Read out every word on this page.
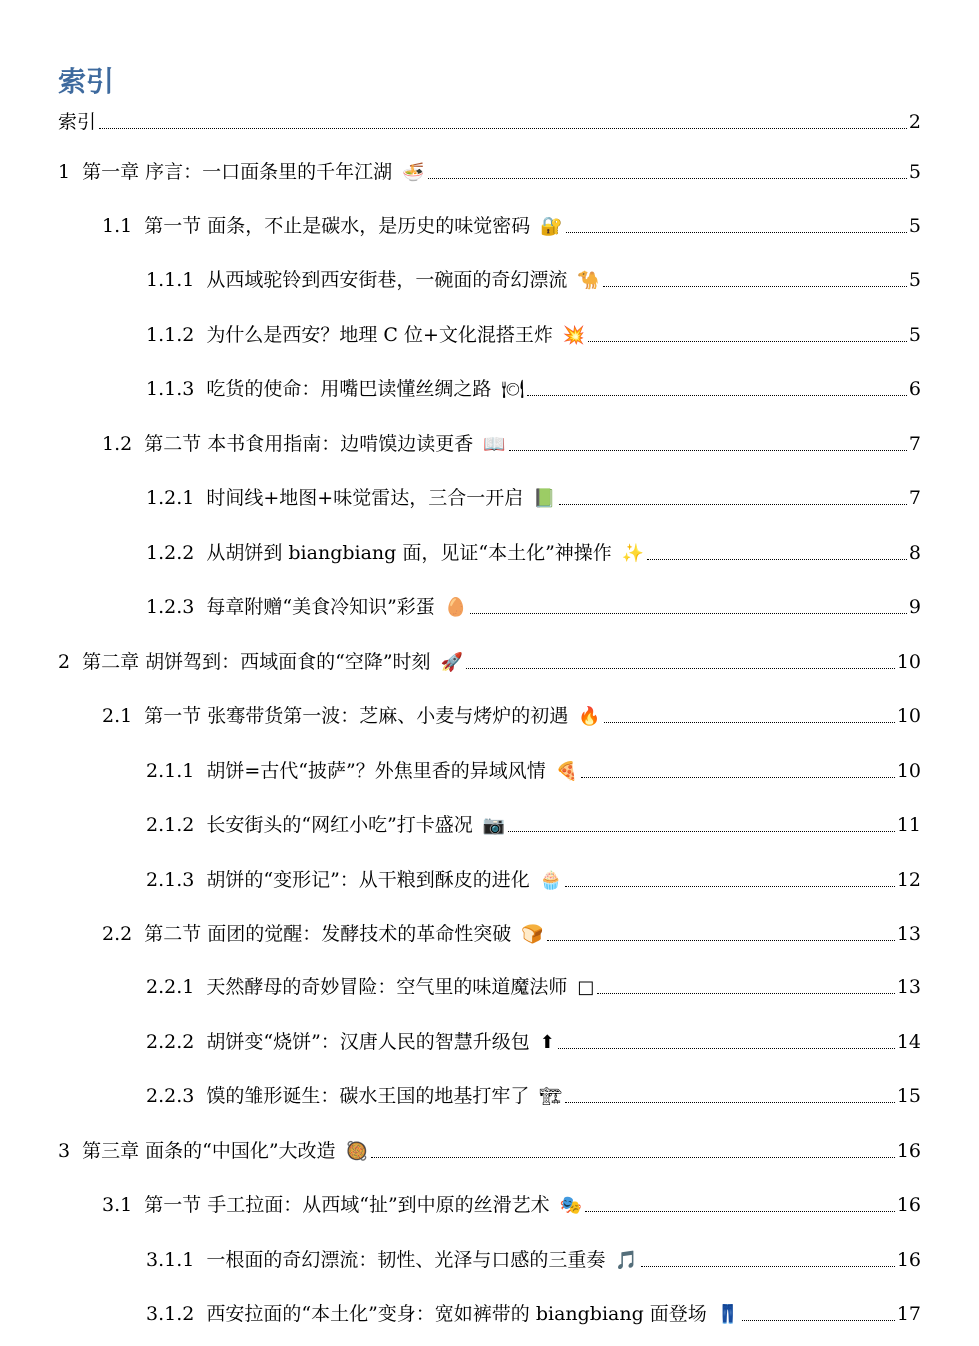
索引
索引	2
1 第一章 序言：一口面条里的千年江湖 🍜	5
1.1 第一节 面条，不止是碳水，是历史的味觉密码 🔐	5
1.1.1 从西域驼铃到西安街巷，一碗面的奇幻漂流 🐪	5
1.1.2 为什么是西安？地理 C 位+文化混搭王炸 💥	5
1.1.3 吃货的使命：用嘴巴读懂丝绸之路 🍽	6
1.2 第二节 本书食用指南：边啃馍边读更香 📖	7
1.2.1 时间线+地图+味觉雷达，三合一开启 📗	7
1.2.2 从胡饼到 biangbiang 面，见证“本土化”神操作 ✨	8
1.2.3 每章附赠“美食冷知识”彩蛋 🥚	9
2 第二章 胡饼驾到：西域面食的“空降”时刻 🚀	10
2.1 第一节 张骞带货第一波：芝麻、小麦与烤炉的初遇 🔥	10
2.1.1 胡饼=古代“披萨”？外焦里香的异域风情 🍕	10
2.1.2 长安街头的“网红小吃”打卡盛况 📷	11
2.1.3 胡饼的“变形记”：从干粮到酥皮的进化 🧁	12
2.2 第二节 面团的觉醒：发酵技术的革命性突破 🍞	13
2.2.1 天然酵母的奇妙冒险：空气里的味道魔法师 □	13
2.2.2 胡饼变“烧饼”：汉唐人民的智慧升级包 ⬆	14
2.2.3 馍的雏形诞生：碳水王国的地基打牢了 🏗	15
3 第三章 面条的“中国化”大改造 🥘	16
3.1 第一节 手工拉面：从西域“扯”到中原的丝滑艺术 🎭	16
3.1.1 一根面的奇幻漂流：韧性、光泽与口感的三重奏 🎵	16
3.1.2 西安拉面的“本土化”变身：宽如裤带的 biangbiang 面登场 👖	17
